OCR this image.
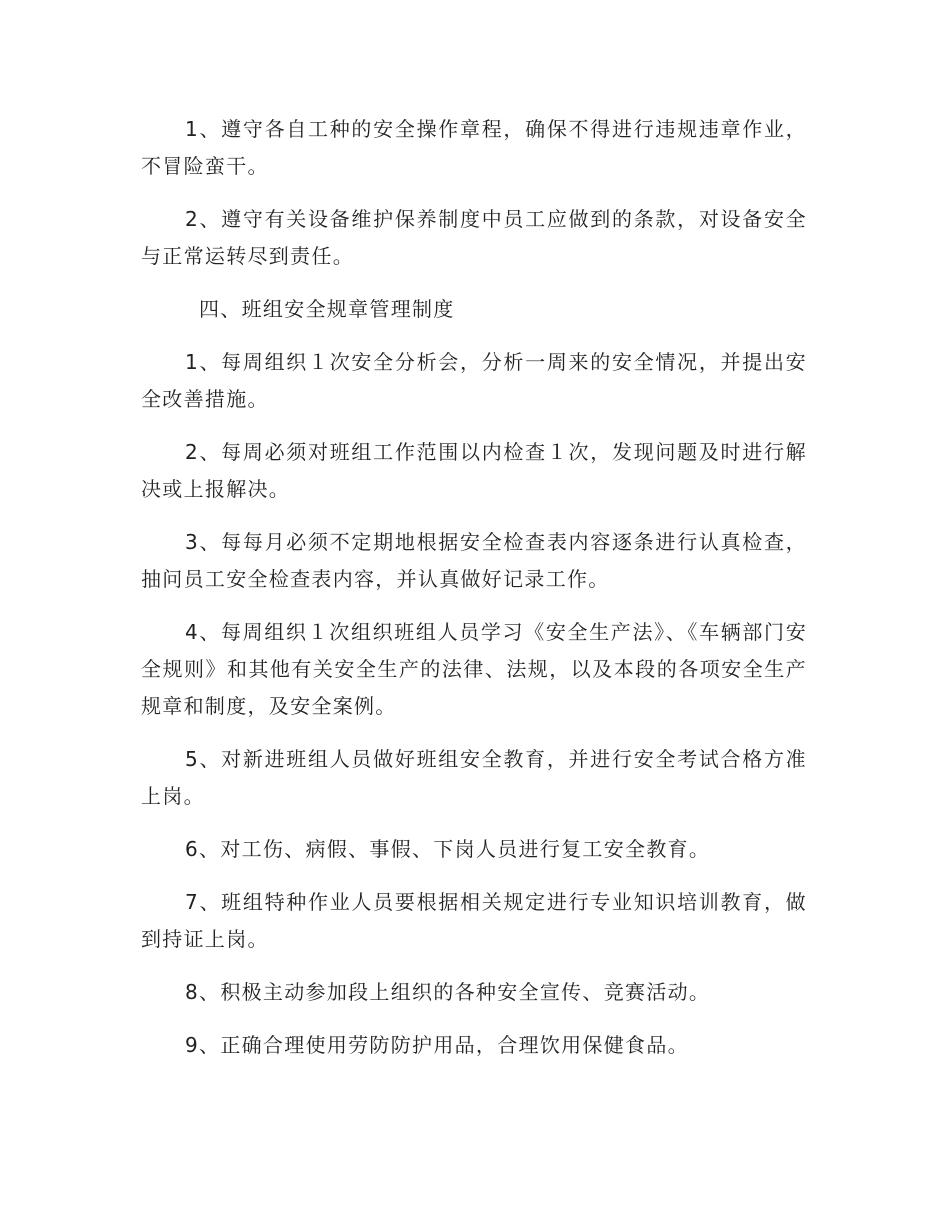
1、遵守各自工种的安全操作章程，确保不得进行违规违章作业，不冒险蛮干。

2、遵守有关设备维护保养制度中员工应做到的条款，对设备安全与正常运转尽到责任。

四、班组安全规章管理制度

1、每周组织１次安全分析会，分析一周来的安全情况，并提出安全改善措施。

2、每周必须对班组工作范围以内检查１次，发现问题及时进行解决或上报解决。

3、每每月必须不定期地根据安全检查表内容逐条进行认真检查，抽问员工安全检查表内容，并认真做好记录工作。

4、每周组织１次组织班组人员学习《安全生产法》、《车辆部门安全规则》和其他有关安全生产的法律、法规，以及本段的各项安全生产规章和制度，及安全案例。

5、对新进班组人员做好班组安全教育，并进行安全考试合格方准上岗。

6、对工伤、病假、事假、下岗人员进行复工安全教育。

7、班组特种作业人员要根据相关规定进行专业知识培训教育，做到持证上岗。

8、积极主动参加段上组织的各种安全宣传、竞赛活动。

9、正确合理使用劳防防护用品，合理饮用保健食品。
